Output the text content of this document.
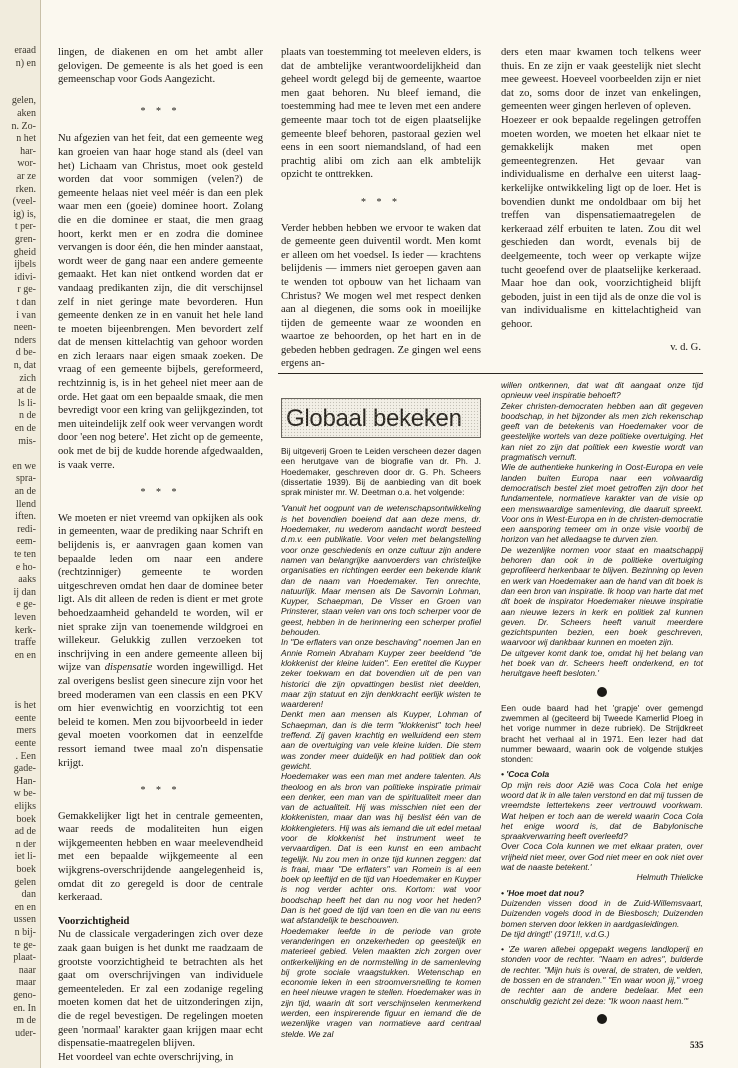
eraad

n) en

gelen,

aken

n. Zo-

n het

har-

wor-

ar ze

rken.

(veel-

ig) is,

t per-

gren-

gheid

ijbels

idivi-

r ge-

t dan

i van

neen-

nders

d be-

n, dat

zich

at de

ls li-

n de

en de

mis-

en we

spra-

an de

llend

iften.

redi-

eem-

te ten

e ho-

aaks

ij dan

e ge-

leven

kerk-

traffe

en en

is het

eente

mers

eente

. Een

gade-

Han-

w be-

elijks

boek

ad de

n der

iet li-

boek

gelen

dan

en en

ussen

n bij-

te ge-

plaat-

naar

maar

geno-

en. In

m de

uder-

lingen, de diakenen en om het ambt aller gelovigen. De gemeente is als het goed is een gemeenschap voor Gods Aangezicht.

* * *

Nu afgezien van het feit, dat een gemeente weg kan groeien van haar hoge stand als (deel van het) Lichaam van Christus, moet ook gesteld worden dat voor sommigen (velen?) de gemeente helaas niet veel méér is dan een plek waar men een (goeie) dominee hoort. Zolang die en die dominee er staat, die men graag hoort, kerkt men er en zodra die dominee vervangen is door één, die hen minder aanstaat, wordt weer de gang naar een andere gemeente gemaakt. Het kan niet ontkend worden dat er vandaag predikanten zijn, die dit verschijnsel zelf in niet geringe mate bevorderen. Hun gemeente denken ze in en vanuit het hele land te moeten bijeenbrengen. Men bevordert zelf dat de mensen kittelachtig van gehoor worden en zich leraars naar eigen smaak zoeken. De vraag of een gemeente bijbels, gereformeerd, rechtzinnig is, is in het geheel niet meer aan de orde. Het gaat om een bepaalde smaak, die men bevredigt voor een kring van gelijkgezinden, tot men uiteindelijk zelf ook weer vervangen wordt door 'een nog betere'. Het zicht op de gemeente, ook met de bij de kudde horende afgedwaalden, is vaak verre.

* * *

We moeten er niet vreemd van opkijken als ook in gemeenten, waar de prediking naar Schrift en belijdenis is, er aanvragen gaan komen van bepaalde leden om naar een andere (rechtzinniger) gemeente te worden uitgeschreven omdat hen daar de dominee beter ligt. Als dit alleen de reden is dient er met grote behoedzaamheid gehandeld te worden, wil er niet sprake zijn van toenemende wildgroei en willekeur. Gelukkig zullen verzoeken tot inschrijving in een andere gemeente alleen bij wijze van dispensatie worden ingewilligd. Het zal overigens beslist geen sinecure zijn voor het breed moderamen van een classis en een PKV om hier evenwichtig en voorzichtig tot een beleid te komen. Men zou bijvoorbeeld in ieder geval moeten voorkomen dat in eenzelfde ressort iemand twee maal zo'n dispensatie krijgt.

* * *

Gemakkelijker ligt het in centrale gemeenten, waar reeds de modaliteiten hun eigen wijkgemeenten hebben en waar meelevendheid met een bepaalde wijkgemeente al een wijkgrens-overschrijdende aangelegenheid is, omdat dit zo geregeld is door de centrale kerkeraad.

Voorzichtigheid

Nu de classicale vergaderingen zich over deze zaak gaan buigen is het dunkt me raadzaam de grootste voorzichtigheid te betrachten als het gaat om overschrijvingen van individuele gemeenteleden. Er zal een zodanige regeling moeten komen dat het de uitzonderingen zijn, die de regel bevestigen. De regelingen moeten geen 'normaal' karakter gaan krijgen maar echt dispensatie-maatregelen blijven.

Het voordeel van echte overschrijving, in

plaats van toestemming tot meeleven elders, is dat de ambtelijke verantwoordelijkheid dan geheel wordt gelegd bij de gemeente, waartoe men gaat behoren. Nu bleef iemand, die toestemming had mee te leven met een andere gemeente maar toch tot de eigen plaatselijke gemeente bleef behoren, pastoraal gezien wel eens in een soort niemandsland, of had een prachtig alibi om zich aan elk ambtelijk opzicht te onttrekken.

* * *

Verder hebben hebben we ervoor te waken dat de gemeente geen duiventil wordt. Men komt er alleen om het voedsel. Is ieder — krachtens belijdenis — immers niet geroepen gaven aan te wenden tot opbouw van het lichaam van Christus? We mogen wel met respect denken aan al diegenen, die soms ook in moeilijke tijden de gemeente waar ze woonden en waartoe ze behoorden, op het hart en in de gebeden hebben gedragen. Ze gingen wel eens ergens an-

ders eten maar kwamen toch telkens weer thuis. En ze zijn er vaak geestelijk niet slecht mee geweest. Hoeveel voorbeelden zijn er niet dat zo, soms door de inzet van enkelingen, gemeenten weer gingen herleven of opleven.

Hoezeer er ook bepaalde regelingen getroffen moeten worden, we moeten het elkaar niet te gemakkelijk maken met open gemeentegrenzen. Het gevaar van individualisme en derhalve een uiterst laag-kerkelijke ontwikkeling ligt op de loer. Het is bovendien dunkt me ondoldbaar om bij het treffen van dispensatiemaatregelen de kerkeraad zélf erbuiten te laten. Zou dit wel geschieden dan wordt, evenals bij de deelgemeente, toch weer op verkapte wijze tucht geoefend over de plaatselijke kerkeraad. Maar hoe dan ook, voorzichtigheid blijft geboden, juist in een tijd als de onze die vol is van individualisme en kittelachtigheid van gehoor.

v. d. G.

Globaal bekeken

Bij uitgeverij Groen te Leiden verscheen dezer dagen een herutgave van de biografie van dr. Ph. J. Hoedemaker, geschreven door dr. G. Ph. Scheers (dissertatie 1939). Bij de aanbieding van dit boek sprak minister mr. W. Deetman o.a. het volgende:

'Vanuit het oogpunt van de wetenschapsontwikkeling is het bovendien boeiend dat aan deze mens, dr. Hoedemaker, nu wederom aandacht wordt besteed d.m.v. een publikatie. Voor velen met belangstelling voor onze geschiedenis en onze cultuur zijn andere namen van belangrijke aanvoerders van christelijke organisaties en richtingen eerder een bekende klank dan de naam van Hoedemaker. Ten onrechte, natuurlijk. Maar mensen als De Savornin Lohman, Kuyper, Schaepman, De Visser en Groen van Prinsterer, staan velen van ons toch scherper voor de geest, hebben in de herinnering een scherper profiel behouden.

In "De erflaters van onze beschaving" noemen Jan en Annie Romein Abraham Kuyper zeer beeldend "de klokkenist der kleine luiden". Een eretitel die Kuyper zeker toekwam en dat bovendien uit de pen van historici die zijn opvattingen beslist niet deelden, maar zijn statuut en zijn denkkracht eerlijk wisten te waarderen!

Denkt men aan mensen als Kuyper, Lohman of Schaepman, dan is die term "klokkenist" toch heel treffend. Zij gaven krachtig en welluidend een stem aan de overtuiging van vele kleine luiden. Die stem was zonder meer duidelijk en had politiek dan ook gewicht.

Hoedemaker was een man met andere talenten. Als theoloog en als bron van politieke inspiratie primair een denker, een man van de spiritualiteit meer dan van de actualiteit. Hij was misschien niet een der klokkenisten, maar dan was hij beslist één van de klokkengieters. Hij was als iemand die uit edel metaal voor de klokkenist het instrument weet te vervaardigen. Dat is een kunst en een ambacht tegelijk. Nu zou men in onze tijd kunnen zeggen: dat is fraai, maar "De erflaters" van Romein is al een boek op leeftijd en de tijd van Hoedemaker en Kuyper is nog verder achter ons. Kortom: wat voor boodschap heeft het dan nu nog voor het heden? Dan is het goed de tijd van toen en die van nu eens wat afstandelijk te beschouwen.

Hoedemaker leefde in de periode van grote veranderingen en onzekerheden op geestelijk en materieel gebied. Velen maakten zich zorgen over ontkerkelijking en de normstelling in de samenleving bij grote sociale vraagstukken. Wetenschap en economie leken in een stroomversnelling te komen en heel nieuwe vragen te stellen. Hoedemaker was in zijn tijd, waarin dit sort verschijnselen kenmerkend werden, een inspirerende figuur en iemand die de wezenlijke vragen van normatieve aard centraal stelde. We zal

willen ontkennen, dat wat dit aangaat onze tijd opnieuw veel inspiratie behoeft?

Zeker christen-democraten hebben aan dit gegeven boodschap, in het bijzonder als men zich rekenschap geeft van de betekenis van Hoedemaker voor de geestelijke wortels van deze politieke overtuiging. Het kan niet zo zijn dat politiek een kwestie wordt van pragmatisch vernuft.

Wie de authentieke hunkering in Oost-Europa en vele landen buiten Europa naar een volwaardig democratisch bestel ziet moet getroffen zijn door het fundamentele, normatieve karakter van de visie op een menswaardige samenleving, die daaruit spreekt. Voor ons in West-Europa en in de christen-democratie een aansporing temeer om in onze visie voorbij de horizon van het alledaagse te durven zien.

De wezenlijke normen voor staat en maatschappij behoren dan ook in de politieke overtuiging geprofileerd herkenbaar te blijven. Bezinning op leven en werk van Hoedemaker aan de hand van dit boek is dan een bron van inspiratie. Ik hoop van harte dat met dit boek de inspirator Hoedemaker nieuwe inspiratie aan nieuwe lezers in kerk en politiek zal kunnen geven. Dr. Scheers heeft vanuit meerdere gezichtspunten bezien, een boek geschreven, waarvoor wij dankbaar kunnen en moeten zijn.

De uitgever komt dank toe, omdat hij het belang van het boek van dr. Scheers heeft onderkend, en tot heruitgave heeft besloten.'

Een oude baard had het 'grapje' over gemengd zwemmen al (geciteerd bij Tweede Kamerlid Ploeg in het vorige nummer in deze rubriek). De Strijdkreet bracht het verhaal al in 1971. Een lezer had dat nummer bewaard, waarin ook de volgende stukjes stonden:

• 'Coca Cola

Op mijn reis door Azië was Coca Cola het enige woord dat ik in alle talen verstond en dat mij tussen de vreemdste lettertekens zeer vertrouwd voorkwam. Wat helpen er toch aan de wereld waarin Coca Cola het enige woord is, dat de Babylonische spraakverwarring heeft overleefd?

Over Coca Cola kunnen we met elkaar praten, over vrijheid niet meer, over God niet meer en ook niet over wat de naaste betekent.'

Helmuth Thielicke

• 'Hoe moet dat nou?

Duizenden vissen dood in de Zuid-Willemsvaart, Duizenden vogels dood in de Biesbosch; Duizenden bomen sterven door lekken in aardgasleidingen.

De tijd dringt!' (1971!!, v.d.G.)

• 'Ze waren allebei opgepakt wegens landloperij en stonden voor de rechter. "Naam en adres", bulderde de rechter. "Mijn huis is overal, de straten, de velden, de bossen en de stranden." "En waar woon jij," vroeg de rechter aan de andere bedelaar. Met een onschuldig gezicht zei deze: "Ik woon naast hem."'

535
